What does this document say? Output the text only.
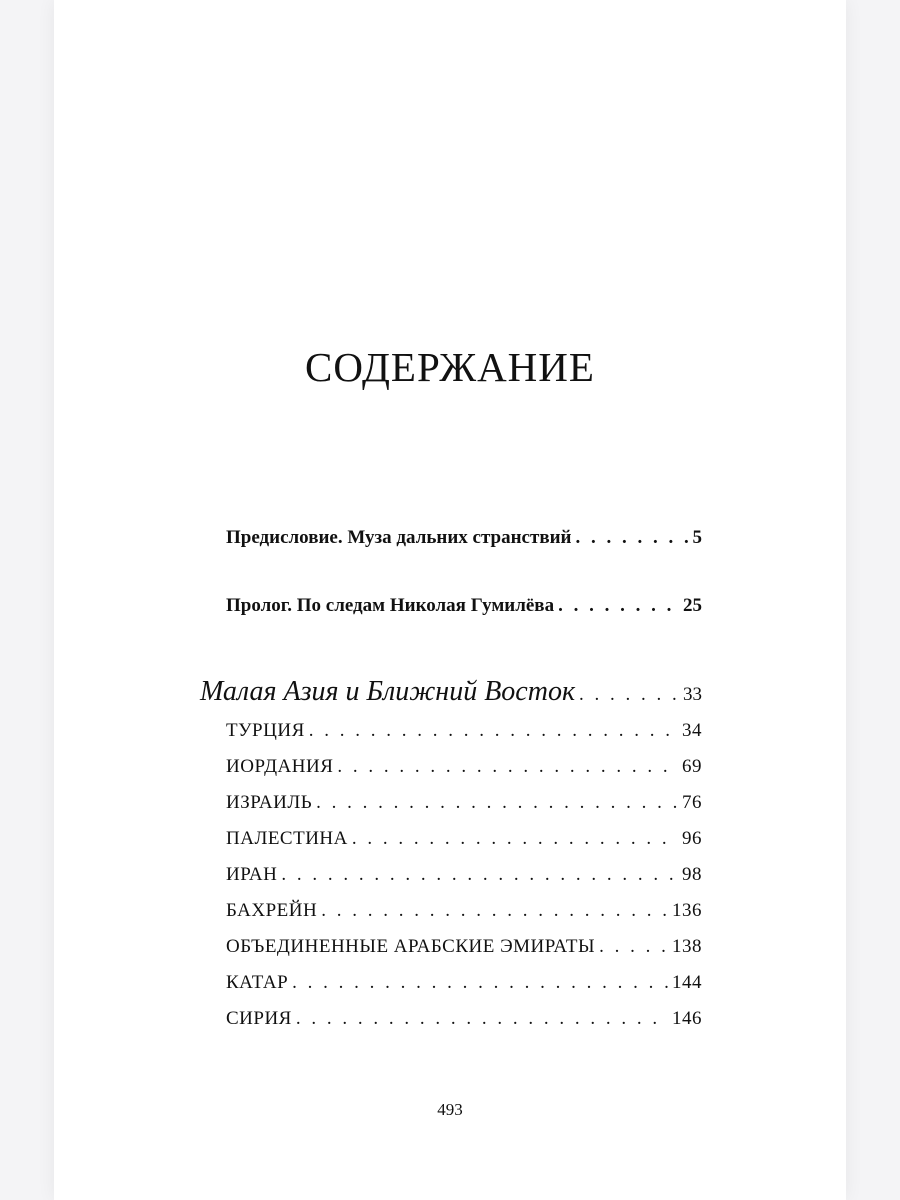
СОДЕРЖАНИЕ
Предисловие. Муза дальних странствий . . .	5
Пролог. По следам Николая Гумилёва . . .	25
Малая Азия и Ближний Восток . . .	33
ТУРЦИЯ . . .	34
ИОРДАНИЯ . . .	69
ИЗРАИЛЬ . . .	76
ПАЛЕСТИНА . . .	96
ИРАН . . .	98
БАХРЕЙН . . .	136
ОБЪЕДИНЕННЫЕ АРАБСКИЕ ЭМИРАТЫ . . .	138
КАТАР . . .	144
СИРИЯ . . .	146
493
